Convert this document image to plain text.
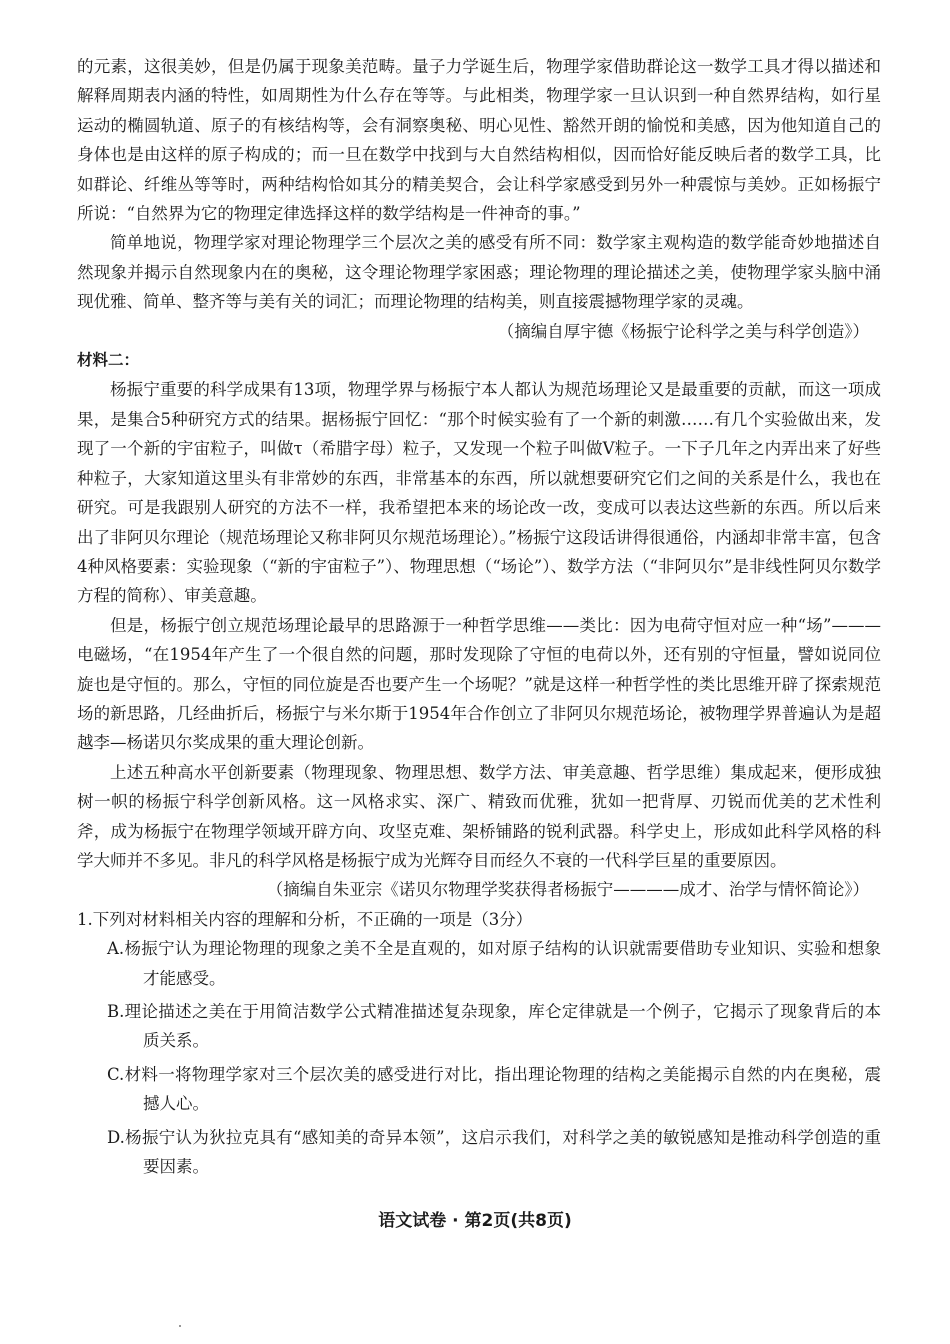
的元素，这很美妙，但是仍属于现象美范畴。量子力学诞生后，物理学家借助群论这一数学工具才得以描述和解释周期表内涵的特性，如周期性为什么存在等等。与此相类，物理学家一旦认识到一种自然界结构，如行星运动的椭圆轨道、原子的有核结构等，会有洞察奥秘、明心见性、豁然开朗的愉悦和美感，因为他知道自己的身体也是由这样的原子构成的；而一旦在数学中找到与大自然结构相似，因而恰好能反映后者的数学工具，比如群论、纤维丛等等时，两种结构恰如其分的精美契合，会让科学家感受到另外一种震惊与美妙。正如杨振宁所说：“自然界为它的物理定律选择这样的数学结构是一件神奇的事。”

简单地说，物理学家对理论物理学三个层次之美的感受有所不同：数学家主观构造的数学能奇妙地描述自然现象并揭示自然现象内在的奥秘，这令理论物理学家困惑；理论物理的理论描述之美，使物理学家头脑中涌现优雅、简单、整齐等与美有关的词汇；而理论物理的结构美，则直接震撼物理学家的灵魂。

（摘编自厚宇德《杨振宁论科学之美与科学创造》）

材料二：

杨振宁重要的科学成果有13项，物理学界与杨振宁本人都认为规范场理论又是最重要的贡献，而这一项成果，是集合5种研究方式的结果。据杨振宁回忆：“那个时候实验有了一个新的刺激……有几个实验做出来，发现了一个新的宇宙粒子，叫做τ（希腊字母）粒子，又发现一个粒子叫做V粒子。一下子几年之内弄出来了好些种粒子，大家知道这里头有非常妙的东西，非常基本的东西，所以就想要研究它们之间的关系是什么，我也在研究。可是我跟别人研究的方法不一样，我希望把本来的场论改一改，变成可以表达这些新的东西。所以后来出了非阿贝尔理论（规范场理论又称非阿贝尔规范场理论）。”杨振宁这段话讲得很通俗，内涵却非常丰富，包含4种风格要素：实验现象（“新的宇宙粒子”）、物理思想（“场论”）、数学方法（“非阿贝尔”是非线性阿贝尔数学方程的简称）、审美意趣。

但是，杨振宁创立规范场理论最早的思路源于一种哲学思维——类比：因为电荷守恒对应一种“场”———电磁场，“在1954年产生了一个很自然的问题，那时发现除了守恒的电荷以外，还有别的守恒量，譬如说同位旋也是守恒的。那么，守恒的同位旋是否也要产生一个场呢？”就是这样一种哲学性的类比思维开辟了探索规范场的新思路，几经曲折后，杨振宁与米尔斯于1954年合作创立了非阿贝尔规范场论，被物理学界普遍认为是超越李—杨诺贝尔奖成果的重大理论创新。

上述五种高水平创新要素（物理现象、物理思想、数学方法、审美意趣、哲学思维）集成起来，便形成独树一帜的杨振宁科学创新风格。这一风格求实、深广、精致而优雅，犹如一把背厚、刃锐而优美的艺术性利斧，成为杨振宁在物理学领域开辟方向、攻坚克难、架桥铺路的锐利武器。科学史上，形成如此科学风格的科学大师并不多见。非凡的科学风格是杨振宁成为光辉夺目而经久不衰的一代科学巨星的重要原因。

（摘编自朱亚宗《诺贝尔物理学奖获得者杨振宁————成才、治学与情怀简论》）

1.下列对材料相关内容的理解和分析，不正确的一项是（3分）

A.杨振宁认为理论物理的现象之美不全是直观的，如对原子结构的认识就需要借助专业知识、实验和想象才能感受。

B.理论描述之美在于用简洁数学公式精准描述复杂现象，库仑定律就是一个例子，它揭示了现象背后的本质关系。

C.材料一将物理学家对三个层次美的感受进行对比，指出理论物理的结构之美能揭示自然的内在奥秘，震撼人心。

D.杨振宁认为狄拉克具有“感知美的奇异本领”，这启示我们，对科学之美的敏锐感知是推动科学创造的重要因素。

语文试卷 · 第2页(共8页)
